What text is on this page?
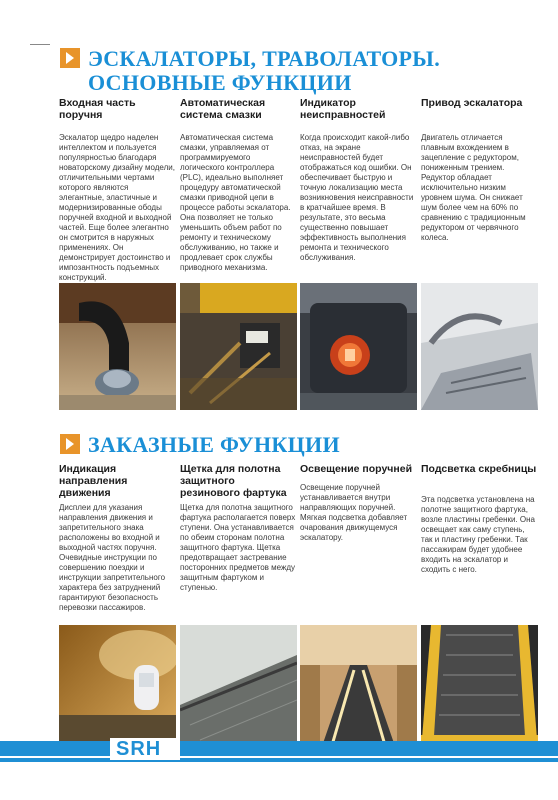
ЭСКАЛАТОРЫ, ТРАВОЛАТОРЫ.
ОСНОВНЫЕ ФУНКЦИИ
Входная часть поручня

Эскалатор щедро наделен интеллектом и пользуется популярностью благодаря новаторскому дизайну модели, отличительными чертами которого являются элегантные, эластичные и модернизированные ободы поручней входной и выходной частей. Еще более элегантно он смотрится в наружных применениях. Он демонстрирует достоинство и импозантность подъемных конструкций.

Автоматическая система смазки

Автоматическая система смазки, управляемая от программируемого логического контроллера (PLC), идеально выполняет процедуру автоматической смазки приводной цепи в процессе работы эскалатора. Она позволяет не только уменьшить объем работ по ремонту и техническому обслуживанию, но также и продлевает срок службы приводного механизма.

Индикатор неисправностей

Когда происходит какой-либо отказ, на экране неисправностей будет отображаться код ошибки. Он обеспечивает быструю и точную локализацию места возникновения неисправности в кратчайшее время. В результате, это весьма существенно повышает эффективность выполнения ремонта и технического обслуживания.

Привод эскалатора

Двигатель отличается плавным вхождением в зацепление с редуктором, пониженным трением. Редуктор обладает исключительно низким уровнем шума. Он снижает шум более чем на 60% по сравнению с традиционным редуктором от червячного колеса.

ЗАКАЗНЫЕ ФУНКЦИИ
Индикация направления движения

Дисплеи для указания направления движения и запретительного знака расположены во входной и выходной частях поручня. Очевидные инструкции по совершению поездки и инструкции запретительного характера без затруднений гарантируют безопасность перевозки пассажиров.

Щетка для полотна защитного резинового фартука

Щетка для полотна защитного фартука располагается поверх ступени. Она устанавливается по обеим сторонам полотна защитного фартука. Щетка предотвращает застревание посторонних предметов между защитным фартуком и ступенью.

Освещение поручней

Освещение поручней устанавливается внутри направляющих поручней. Мягкая подсветка добавляет очарования движущемуся эскалатору.

Подсветка скребницы

Эта подсветка установлена на полотне защитного фартука, возле пластины гребенки. Она освещает как саму ступень, так и пластину гребенки. Так пассажирам будет удобнее входить на эскалатор и сходить с него.

SRH
